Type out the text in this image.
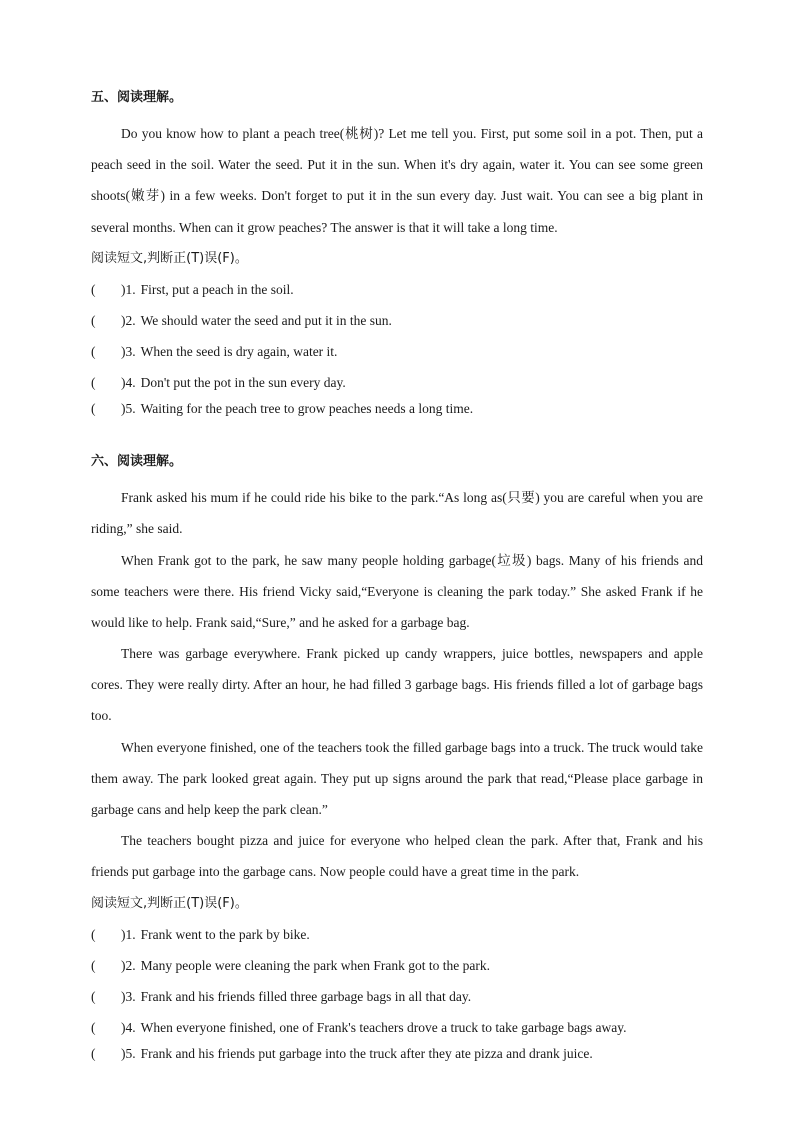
五、阅读理解。

Do you know how to plant a peach tree(桃树)? Let me tell you. First, put some soil in a pot. Then, put a peach seed in the soil. Water the seed. Put it in the sun. When it's dry again, water it. You can see some green shoots(嫩芽) in a few weeks. Don't forget to put it in the sun every day. Just wait. You can see a big plant in several months. When can it grow peaches? The answer is that it will take a long time.

阅读短文,判断正(T)误(F)。
( )1. First, put a peach in the soil.
( )2. We should water the seed and put it in the sun.
( )3. When the seed is dry again, water it.
( )4. Don't put the pot in the sun every day.
( )5. Waiting for the peach tree to grow peaches needs a long time.
六、阅读理解。

Frank asked his mum if he could ride his bike to the park.“As long as(只要) you are careful when you are riding,” she said.

When Frank got to the park, he saw many people holding garbage(垃圾) bags. Many of his friends and some teachers were there. His friend Vicky said,“Everyone is cleaning the park today.” She asked Frank if he would like to help. Frank said,“Sure,” and he asked for a garbage bag.

There was garbage everywhere. Frank picked up candy wrappers, juice bottles, newspapers and apple cores. They were really dirty. After an hour, he had filled 3 garbage bags. His friends filled a lot of garbage bags too.

When everyone finished, one of the teachers took the filled garbage bags into a truck. The truck would take them away. The park looked great again. They put up signs around the park that read,“Please place garbage in garbage cans and help keep the park clean.”

The teachers bought pizza and juice for everyone who helped clean the park. After that, Frank and his friends put garbage into the garbage cans. Now people could have a great time in the park.

阅读短文,判断正(T)误(F)。
( )1. Frank went to the park by bike.
( )2. Many people were cleaning the park when Frank got to the park.
( )3. Frank and his friends filled three garbage bags in all that day.
( )4. When everyone finished, one of Frank's teachers drove a truck to take garbage bags away.
( )5. Frank and his friends put garbage into the truck after they ate pizza and drank juice.
